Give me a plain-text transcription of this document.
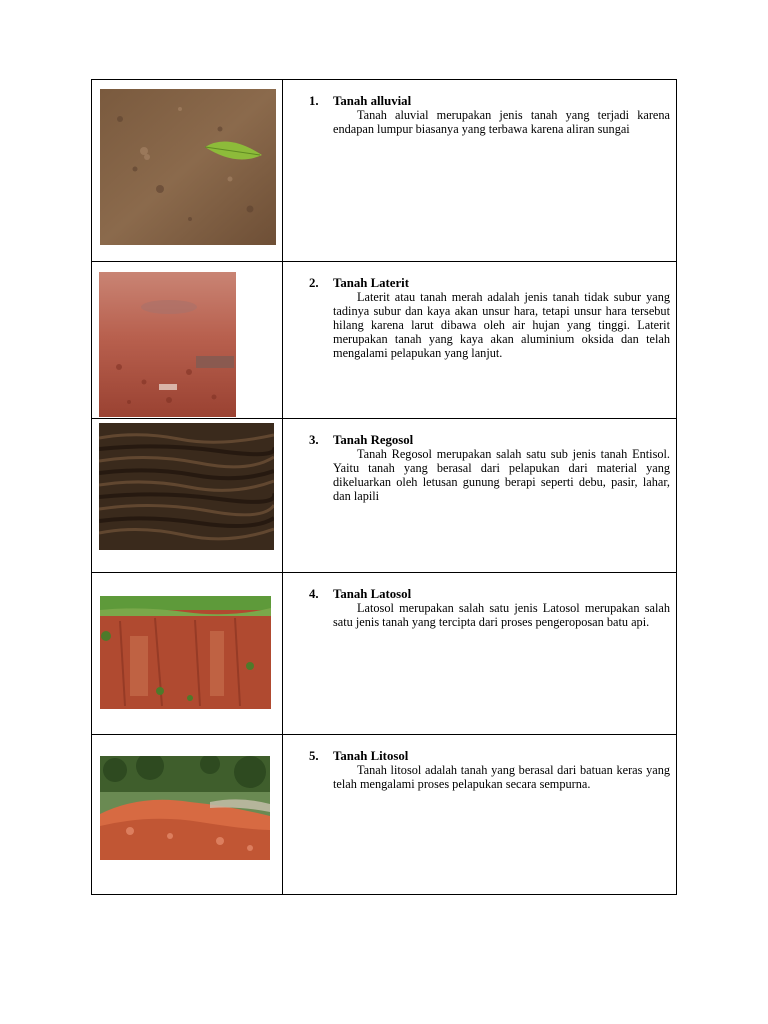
1.	Tanah alluvial
Tanah aluvial merupakan jenis tanah yang terjadi karena endapan lumpur biasanya yang terbawa karena aliran sungai
2.	Tanah Laterit
Laterit atau tanah merah adalah jenis tanah tidak subur yang tadinya subur dan kaya akan unsur hara, tetapi unsur hara tersebut hilang karena larut dibawa oleh air hujan yang tinggi. Laterit merupakan tanah yang kaya akan aluminium oksida dan telah mengalami pelapukan yang lanjut.
3.	Tanah Regosol
Tanah Regosol merupakan salah satu sub jenis tanah Entisol. Yaitu tanah yang berasal dari pelapukan dari material yang dikeluarkan oleh letusan gunung berapi seperti debu, pasir, lahar, dan lapili
4.	Tanah Latosol
Latosol merupakan salah satu jenis Latosol merupakan salah satu jenis tanah yang tercipta dari proses pengeroposan batu api.
5.	Tanah Litosol
Tanah litosol adalah tanah yang berasal dari batuan keras yang telah mengalami proses pelapukan secara sempurna.
